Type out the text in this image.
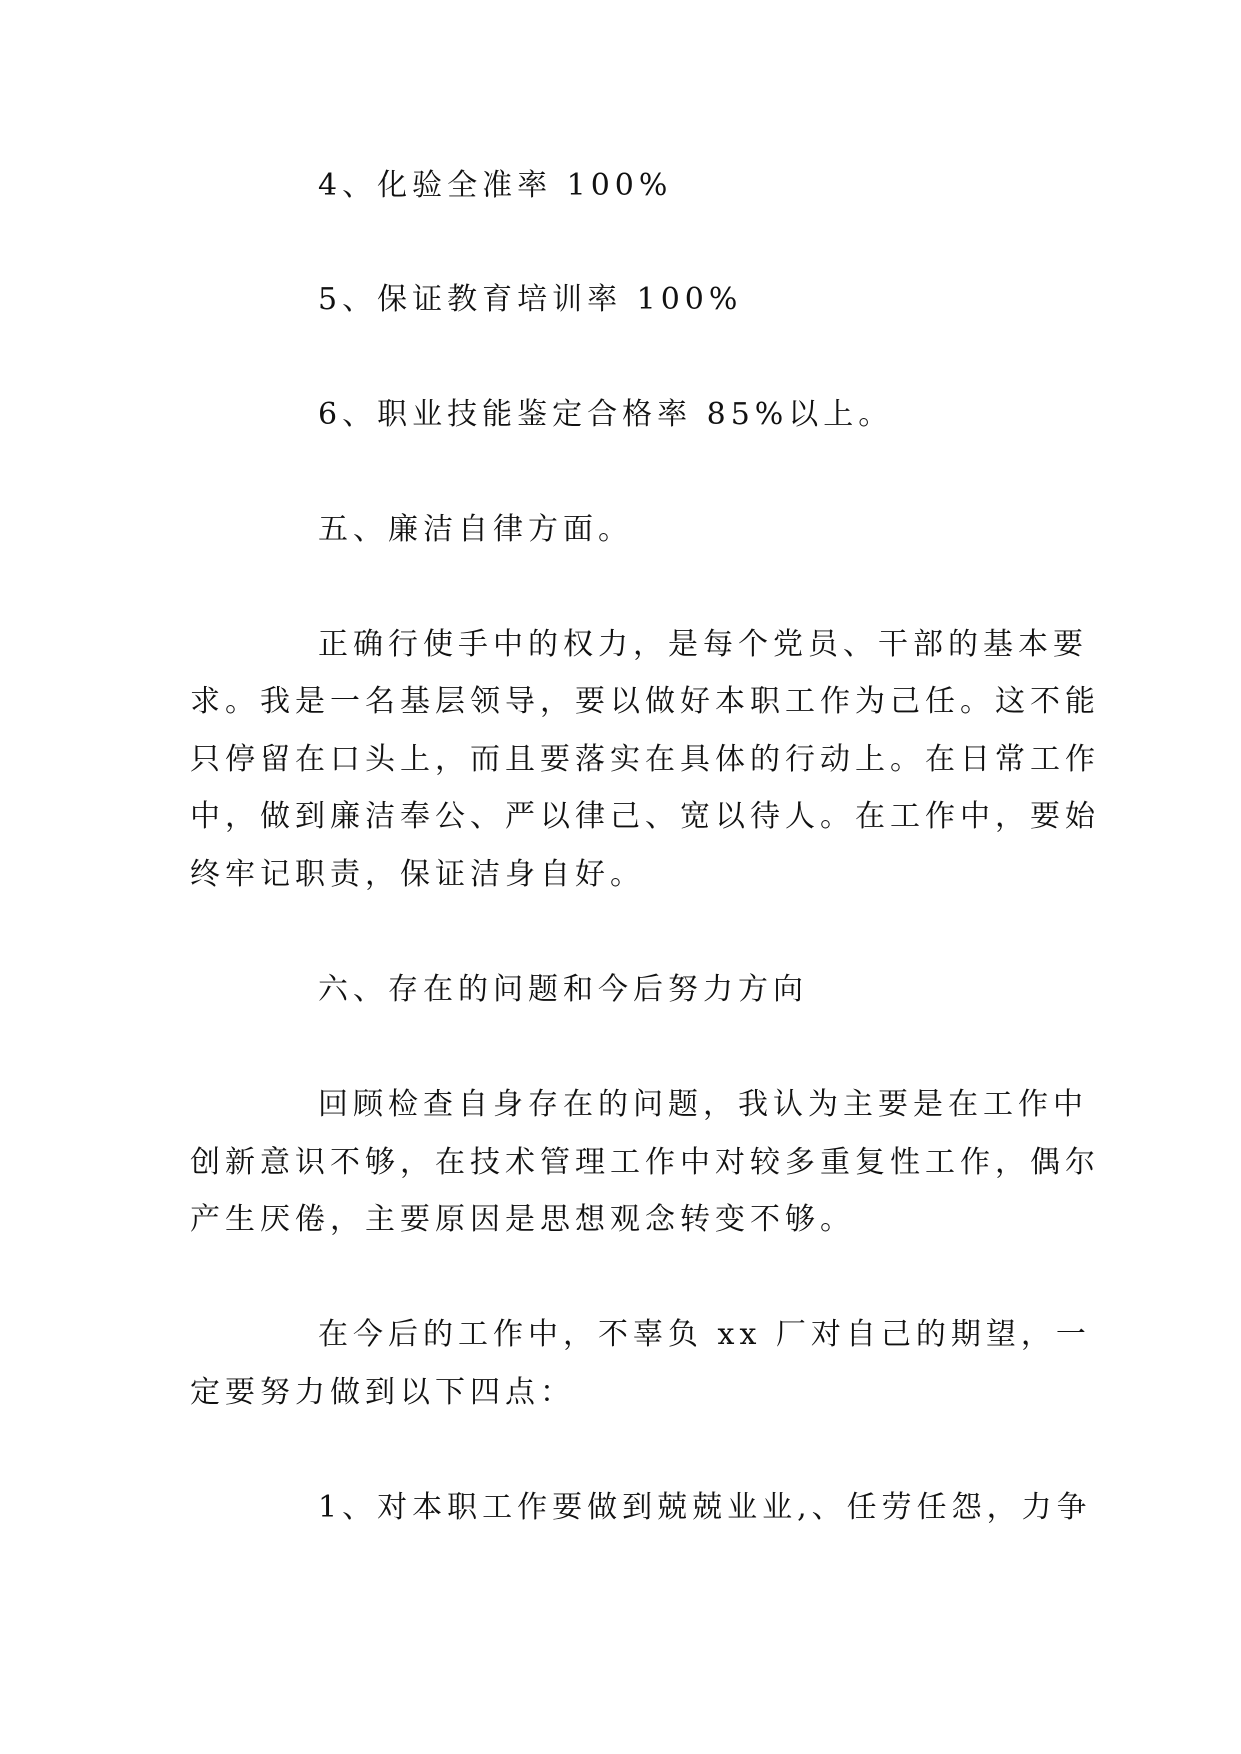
4、化验全准率 100%
5、保证教育培训率 100%
6、职业技能鉴定合格率 85%以上。
五、廉洁自律方面。
正确行使手中的权力，是每个党员、干部的基本要
求。我是一名基层领导，要以做好本职工作为己任。这不能
只停留在口头上，而且要落实在具体的行动上。在日常工作
中，做到廉洁奉公、严以律己、宽以待人。在工作中，要始
终牢记职责，保证洁身自好。
六、存在的问题和今后努力方向
回顾检查自身存在的问题，我认为主要是在工作中
创新意识不够，在技术管理工作中对较多重复性工作，偶尔
产生厌倦，主要原因是思想观念转变不够。
在今后的工作中，不辜负 xx 厂对自己的期望，一
定要努力做到以下四点：
1、对本职工作要做到兢兢业业,、任劳任怨，力争
